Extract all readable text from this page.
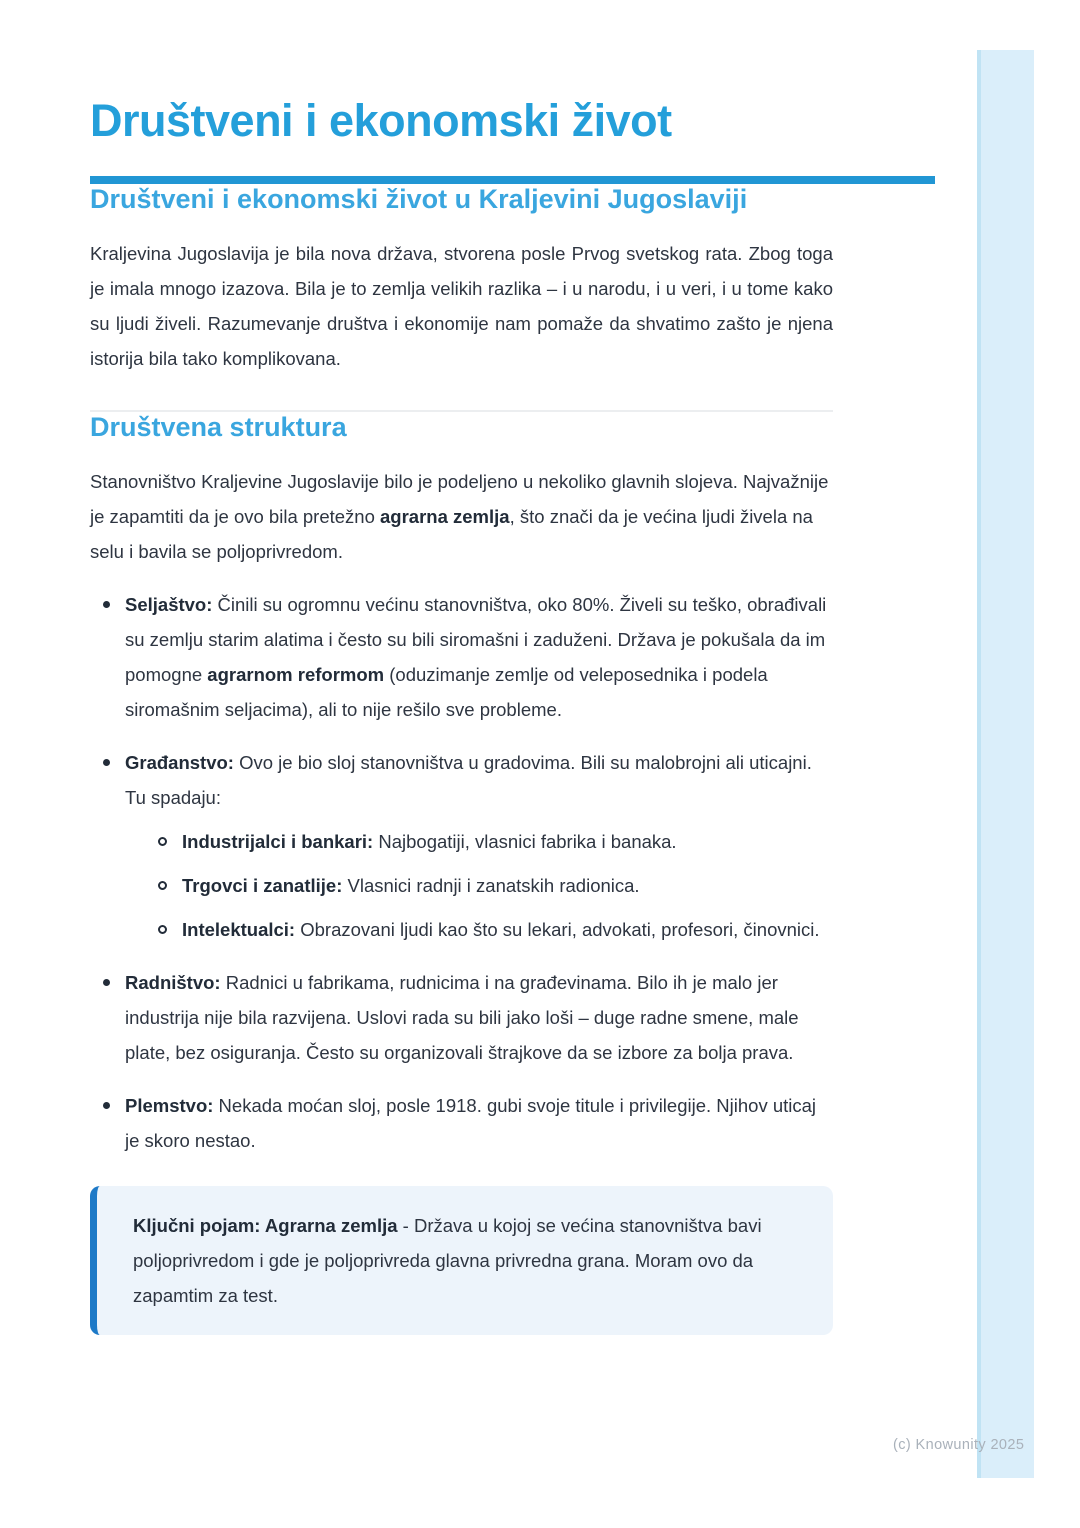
(c) Knowunity 2025
Društveni i ekonomski život
Društveni i ekonomski život u Kraljevini Jugoslaviji

Kraljevina Jugoslavija je bila nova država, stvorena posle Prvog svetskog rata. Zbog toga je imala mnogo izazova. Bila je to zemlja velikih razlika – i u narodu, i u veri, i u tome kako su ljudi živeli. Razumevanje društva i ekonomije nam pomaže da shvatimo zašto je njena istorija bila tako komplikovana.

Društvena struktura

Stanovništvo Kraljevine Jugoslavije bilo je podeljeno u nekoliko glavnih slojeva. Najvažnije je zapamtiti da je ovo bila pretežno agrarna zemlja, što znači da je većina ljudi živela na selu i bavila se poljoprivredom.

Seljaštvo: Činili su ogromnu većinu stanovništva, oko 80%. Živeli su teško, obrađivali su zemlju starim alatima i često su bili siromašni i zaduženi. Država je pokušala da im pomogne agrarnom reformom (oduzimanje zemlje od veleposednika i podela siromašnim seljacima), ali to nije rešilo sve probleme.
Građanstvo: Ovo je bio sloj stanovništva u gradovima. Bili su malobrojni ali uticajni. Tu spadaju:
Industrijalci i bankari: Najbogatiji, vlasnici fabrika i banaka.
Trgovci i zanatlije: Vlasnici radnji i zanatskih radionica.
Intelektualci: Obrazovani ljudi kao što su lekari, advokati, profesori, činovnici.
Radništvo: Radnici u fabrikama, rudnicima i na građevinama. Bilo ih je malo jer industrija nije bila razvijena. Uslovi rada su bili jako loši – duge radne smene, male plate, bez osiguranja. Često su organizovali štrajkove da se izbore za bolja prava.
Plemstvo: Nekada moćan sloj, posle 1918. gubi svoje titule i privilegije. Njihov uticaj je skoro nestao.
Ključni pojam: Agrarna zemlja - Država u kojoj se većina stanovništva bavi poljoprivredom i gde je poljoprivreda glavna privredna grana. Moram ovo da zapamtim za test.
